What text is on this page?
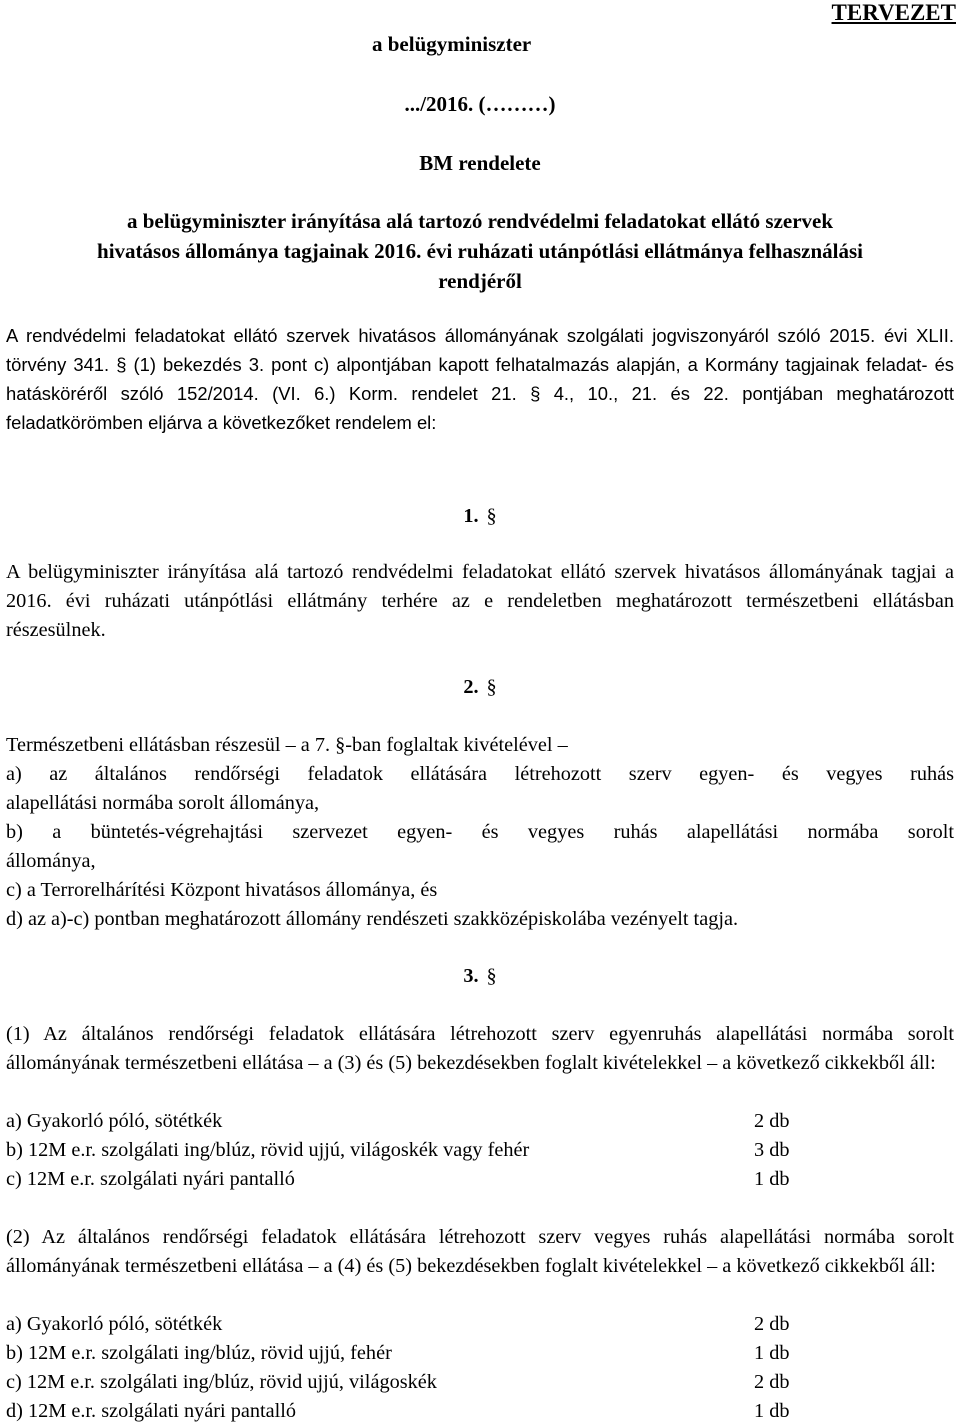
TERVEZET
a belügyminiszter
.../2016. (………)
BM rendelete
a belügyminiszter irányítása alá tartozó rendvédelmi feladatokat ellátó szervek
hivatásos állománya tagjainak 2016. évi ruházati utánpótlási ellátmánya felhasználási
rendjéről
A rendvédelmi feladatokat ellátó szervek hivatásos állományának szolgálati jogviszonyáról szóló 2015. évi XLII. törvény 341. § (1) bekezdés 3. pont c) alpontjában kapott felhatalmazás alapján, a Kormány tagjainak feladat- és hatásköréről szóló 152/2014. (VI. 6.) Korm. rendelet 21. § 4., 10., 21. és 22. pontjában meghatározott feladatkörömben eljárva a következőket rendelem el:
1. §
A belügyminiszter irányítása alá tartozó rendvédelmi feladatokat ellátó szervek hivatásos állományának tagjai a 2016. évi ruházati utánpótlási ellátmány terhére az e rendeletben meghatározott természetbeni ellátásban részesülnek.
2. §
Természetbeni ellátásban részesül – a 7. §-ban foglaltak kivételével –
a) az általános rendőrségi feladatok ellátására létrehozott szerv egyen- és vegyes ruhás
alapellátási normába sorolt állománya,
b) a büntetés-végrehajtási szervezet egyen- és vegyes ruhás alapellátási normába sorolt
állománya,
c) a Terrorelhárítési Központ hivatásos állománya, és
d) az a)-c) pontban meghatározott állomány rendészeti szakközépiskolába vezényelt tagja.
3. §
(1) Az általános rendőrségi feladatok ellátására létrehozott szerv egyenruhás alapellátási normába sorolt állományának természetbeni ellátása – a (3) és (5) bekezdésekben foglalt kivételekkel – a következő cikkekből áll:
a) Gyakorló póló, sötétkék	2 db
b) 12M e.r. szolgálati ing/blúz, rövid ujjú, világoskék vagy fehér	3 db
c) 12M e.r. szolgálati nyári pantalló	1 db
(2) Az általános rendőrségi feladatok ellátására létrehozott szerv vegyes ruhás alapellátási normába sorolt állományának természetbeni ellátása – a (4) és (5) bekezdésekben foglalt kivételekkel – a következő cikkekből áll:
a) Gyakorló póló, sötétkék	2 db
b) 12M e.r. szolgálati ing/blúz, rövid ujjú, fehér	1 db
c) 12M e.r. szolgálati ing/blúz, rövid ujjú, világoskék	2 db
d) 12M e.r. szolgálati nyári pantalló	1 db
